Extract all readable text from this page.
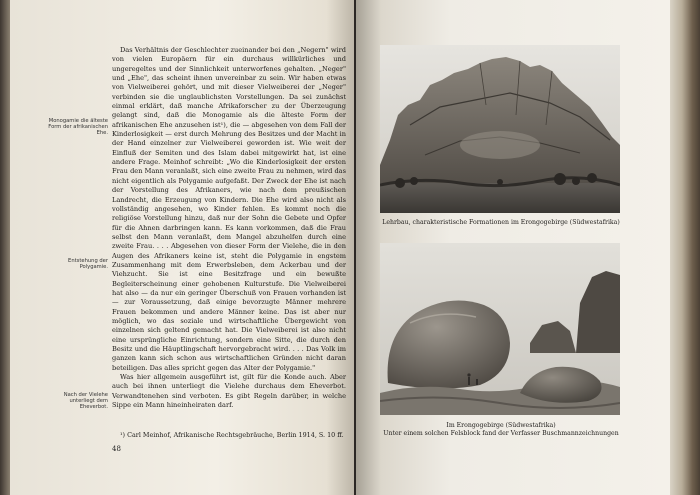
Monogamie die älteste Form der afrikanischen Ehe.
Entstehung der Polygamie.
Nach der Vielehe unterliegt dem Eheverbot.

Das Verhältnis der Geschlechter zueinander bei den „Negern" wird von vielen Europäern für ein durchaus willkürliches und ungeregeltes und der Sinnlichkeit unterworfenes gehalten. „Neger" und „Ehe", das scheint ihnen unvereinbar zu sein. Wir haben etwas von Vielweiberei gehört, und mit dieser Vielweiberei der „Neger" verbinden sie die unglaublichsten Vorstellungen. Da sei zunächst einmal erklärt, daß manche Afrikaforscher zu der Überzeugung gelangt sind, daß die Monogamie als die älteste Form der afrikanischen Ehe anzusehen ist¹), die — abgesehen von dem Fall der Kinderlosigkeit — erst durch Mehrung des Besitzes und der Macht in der Hand einzelner zur Vielweiberei geworden ist. Wie weit der Einfluß der Semiten und des Islam dabei mitgewirkt hat, ist eine andere Frage. Meinhof schreibt: „Wo die Kinderlosigkeit der ersten Frau den Mann veranlaßt, sich eine zweite Frau zu nehmen, wird das nicht eigentlich als Polygamie aufgefaßt. Der Zweck der Ehe ist nach der Vorstellung des Afrikaners, wie nach dem preußischen Landrecht, die Erzeugung von Kindern. Die Ehe wird also nicht als vollständig angesehen, wo Kinder fehlen. Es kommt noch die religiöse Vorstellung hinzu, daß nur der Sohn die Gebete und Opfer für die Ahnen darbringen kann. Es kann vorkommen, daß die Frau selbst den Mann veranlaßt, dem Mangel abzuhelfen durch eine zweite Frau. . . . Abgesehen von dieser Form der Vielehe, die in den Augen des Afrikaners keine ist, steht die Polygamie in engstem Zusammenhang mit dem Erwerbsleben, dem Ackerbau und der Viehzucht. Sie ist eine Besitzfrage und ein bewußte Begleiterscheinung einer gehobenen Kulturstufe. Die Vielweiberei hat also — da nur ein geringer Überschuß von Frauen vorhanden ist — zur Voraussetzung, daß einige bevorzugte Männer mehrere Frauen bekommen und andere Männer keine. Das ist aber nur möglich, wo das soziale und wirtschaftliche Übergewicht von einzelnen sich geltend gemacht hat. Die Vielweiberei ist also nicht eine ursprüngliche Einrichtung, sondern eine Sitte, die durch den Besitz und die Häuptlingschaft hervorgebracht wird. . . . Das Volk im ganzen kann sich schon aus wirtschaftlichen Gründen nicht daran beteiligen. Das alles spricht gegen das Alter der Polygamie."

Was hier allgemein ausgeführt ist, gilt für die Konde auch. Aber auch bei ihnen unterliegt die Vielehe durchaus dem Eheverbot. Verwandtenehen sind verboten. Es gibt Regeln darüber, in welche Sippe ein Mann hineinheiraten darf.

¹) Carl Meinhof, Afrikanische Rechtsgebräuche, Berlin 1914, S. 10 ff.
48
Lehrbau, charakteristische Formationen im Erongogebirge (Südwestafrika)
Im Erongogebirge (Südwestafrika)
Unter einem solchen Felsblock fand der Verfasser Buschmannzeichnungen
